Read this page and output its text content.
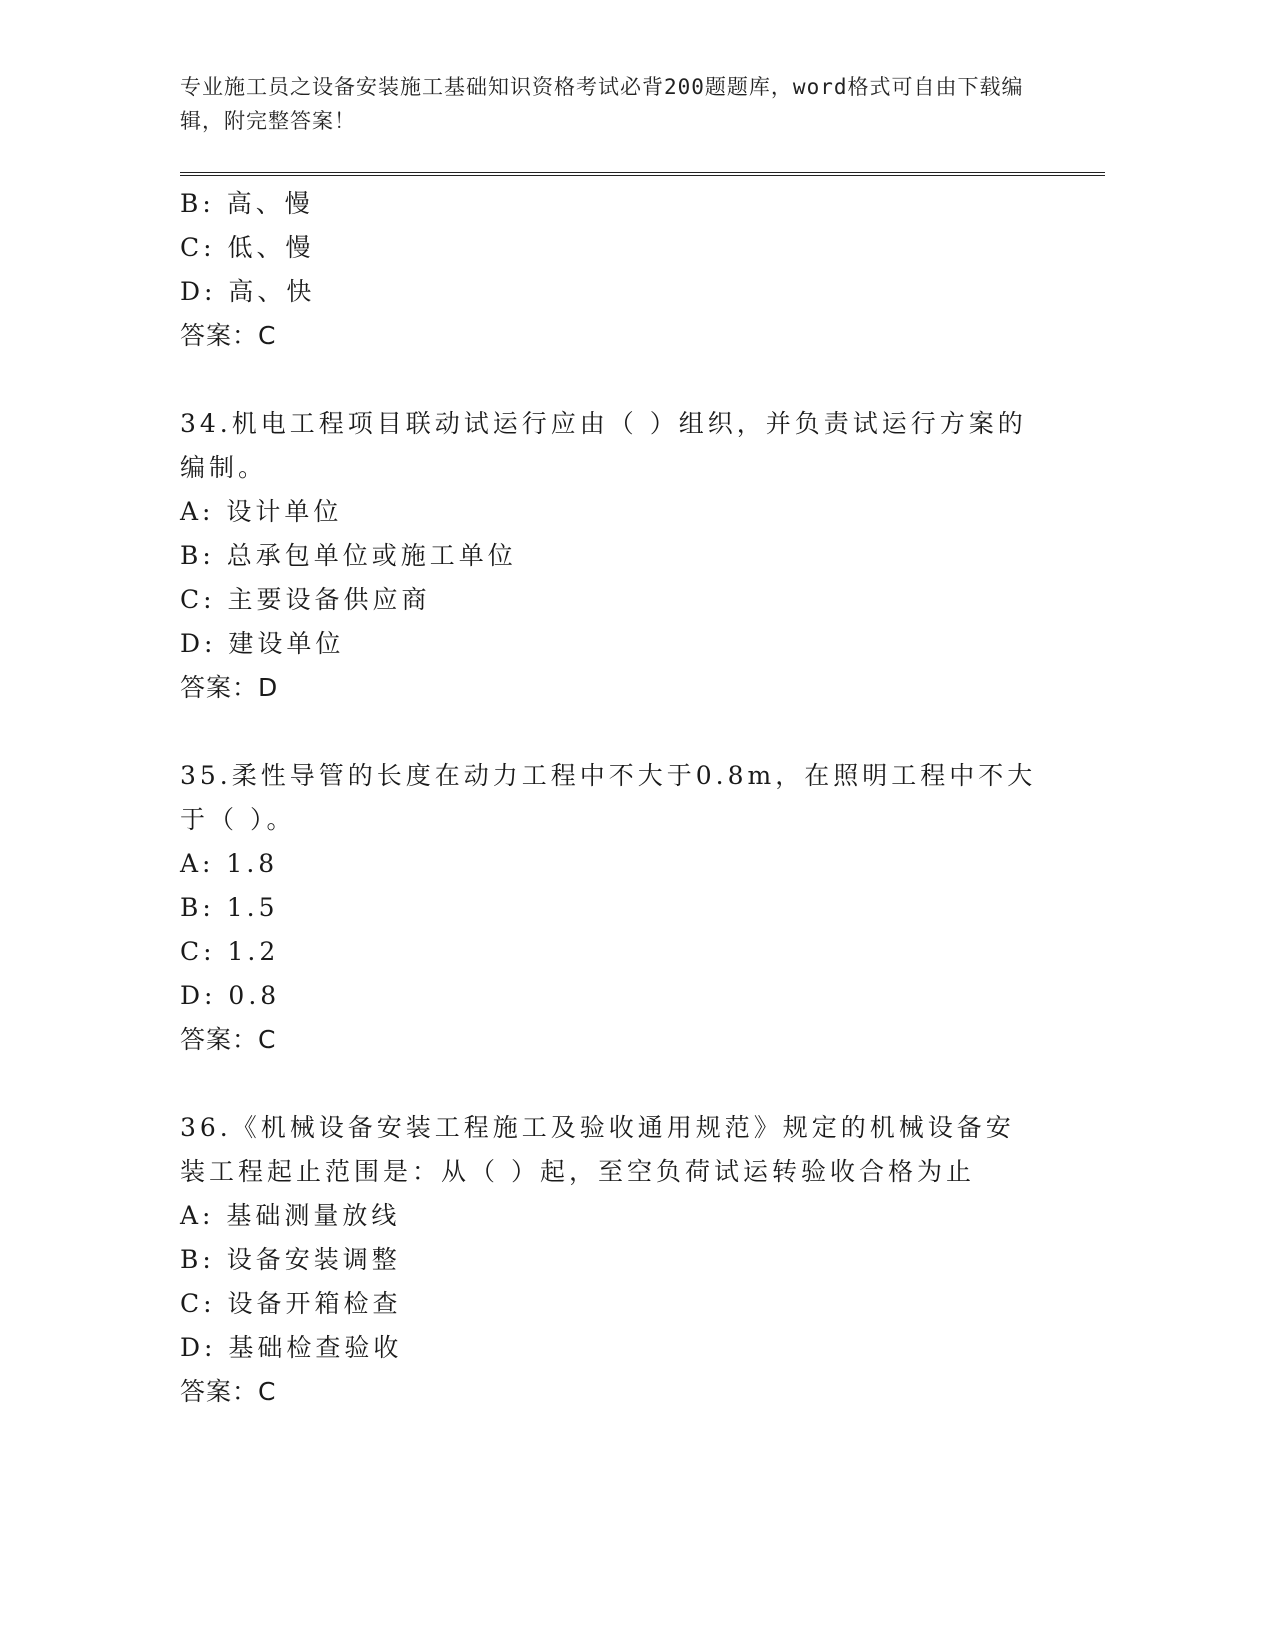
专业施工员之设备安装施工基础知识资格考试必背200题题库，word格式可自由下载编辑，附完整答案！
B: 高、慢
C: 低、慢
D: 高、快
答案：C
34.机电工程项目联动试运行应由（ ）组织，并负责试运行方案的编制。
A: 设计单位
B: 总承包单位或施工单位
C: 主要设备供应商
D: 建设单位
答案：D
35.柔性导管的长度在动力工程中不大于0.8m，在照明工程中不大于（ ）。
A: 1.8
B: 1.5
C: 1.2
D: 0.8
答案：C
36.《机械设备安装工程施工及验收通用规范》规定的机械设备安装工程起止范围是：从（ ）起，至空负荷试运转验收合格为止
A: 基础测量放线
B: 设备安装调整
C: 设备开箱检查
D: 基础检查验收
答案：C
